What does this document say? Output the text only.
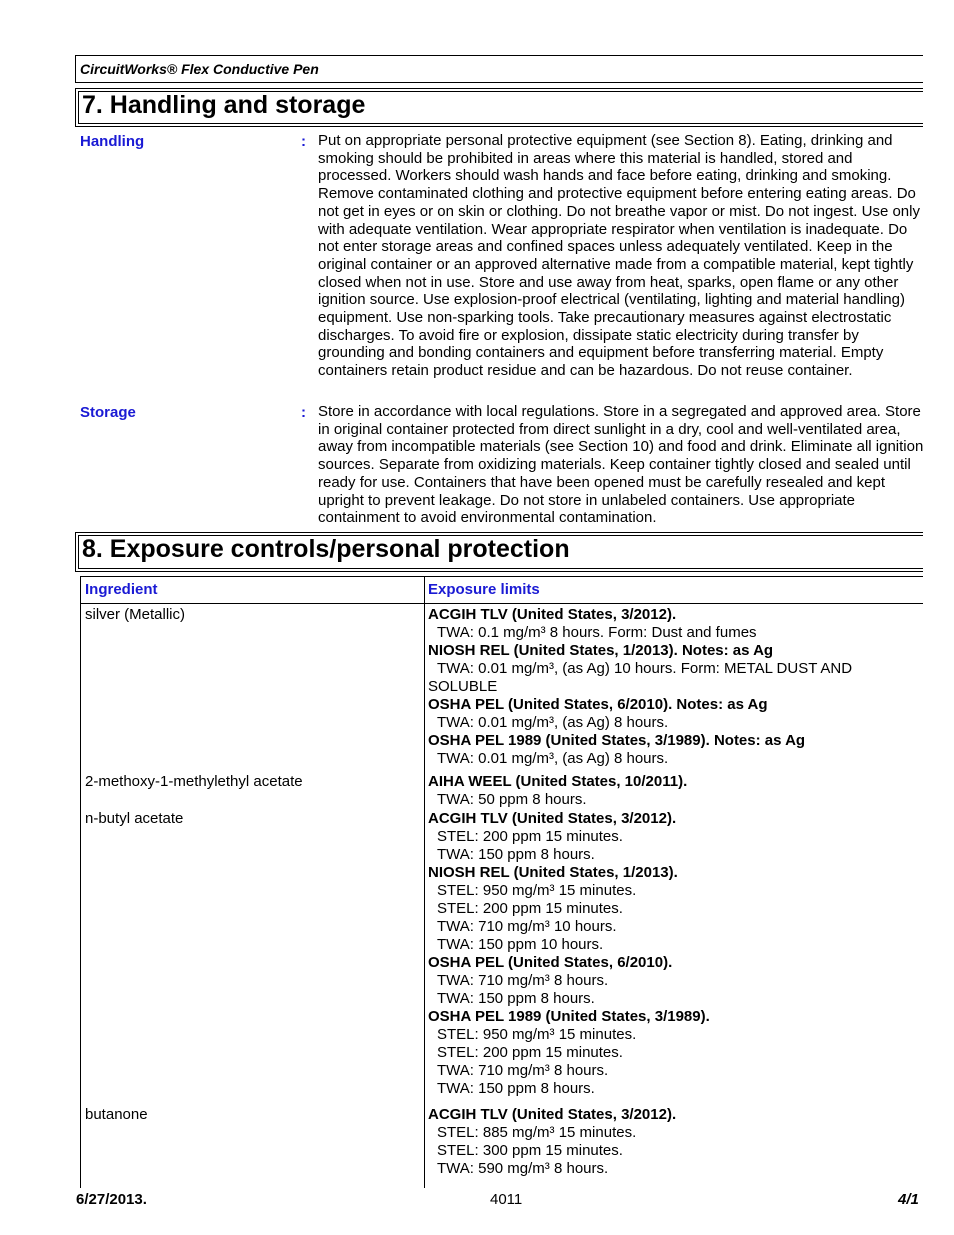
CircuitWorks® Flex Conductive Pen
7. Handling and storage
Handling	: Put on appropriate personal protective equipment (see Section 8). Eating, drinking and smoking should be prohibited in areas where this material is handled, stored and processed. Workers should wash hands and face before eating, drinking and smoking. Remove contaminated clothing and protective equipment before entering eating areas. Do not get in eyes or on skin or clothing. Do not breathe vapor or mist. Do not ingest. Use only with adequate ventilation. Wear appropriate respirator when ventilation is inadequate. Do not enter storage areas and confined spaces unless adequately ventilated. Keep in the original container or an approved alternative made from a compatible material, kept tightly closed when not in use. Store and use away from heat, sparks, open flame or any other ignition source. Use explosion-proof electrical (ventilating, lighting and material handling) equipment. Use non-sparking tools. Take precautionary measures against electrostatic discharges. To avoid fire or explosion, dissipate static electricity during transfer by grounding and bonding containers and equipment before transferring material. Empty containers retain product residue and can be hazardous. Do not reuse container.
Storage	: Store in accordance with local regulations. Store in a segregated and approved area. Store in original container protected from direct sunlight in a dry, cool and well-ventilated area, away from incompatible materials (see Section 10) and food and drink. Eliminate all ignition sources. Separate from oxidizing materials. Keep container tightly closed and sealed until ready for use. Containers that have been opened must be carefully resealed and kept upright to prevent leakage. Do not store in unlabeled containers. Use appropriate containment to avoid environmental contamination.
8. Exposure controls/personal protection
Ingredient	Exposure limits
silver (Metallic)	ACGIH TLV (United States, 3/2012).
TWA: 0.1 mg/m³ 8 hours. Form: Dust and fumes
NIOSH REL (United States, 1/2013). Notes: as Ag
TWA: 0.01 mg/m³, (as Ag) 10 hours. Form: METAL DUST AND SOLUBLE
OSHA PEL (United States, 6/2010). Notes: as Ag
TWA: 0.01 mg/m³, (as Ag) 8 hours.
OSHA PEL 1989 (United States, 3/1989). Notes: as Ag
TWA: 0.01 mg/m³, (as Ag) 8 hours.
2-methoxy-1-methylethyl acetate	AIHA WEEL (United States, 10/2011).
TWA: 50 ppm 8 hours.
n-butyl acetate	ACGIH TLV (United States, 3/2012).
STEL: 200 ppm 15 minutes.
TWA: 150 ppm 8 hours.
NIOSH REL (United States, 1/2013).
STEL: 950 mg/m³ 15 minutes.
STEL: 200 ppm 15 minutes.
TWA: 710 mg/m³ 10 hours.
TWA: 150 ppm 10 hours.
OSHA PEL (United States, 6/2010).
TWA: 710 mg/m³ 8 hours.
TWA: 150 ppm 8 hours.
OSHA PEL 1989 (United States, 3/1989).
STEL: 950 mg/m³ 15 minutes.
STEL: 200 ppm 15 minutes.
TWA: 710 mg/m³ 8 hours.
TWA: 150 ppm 8 hours.
butanone	ACGIH TLV (United States, 3/2012).
STEL: 885 mg/m³ 15 minutes.
STEL: 300 ppm 15 minutes.
TWA: 590 mg/m³ 8 hours.
6/27/2013.	4011	4/1
